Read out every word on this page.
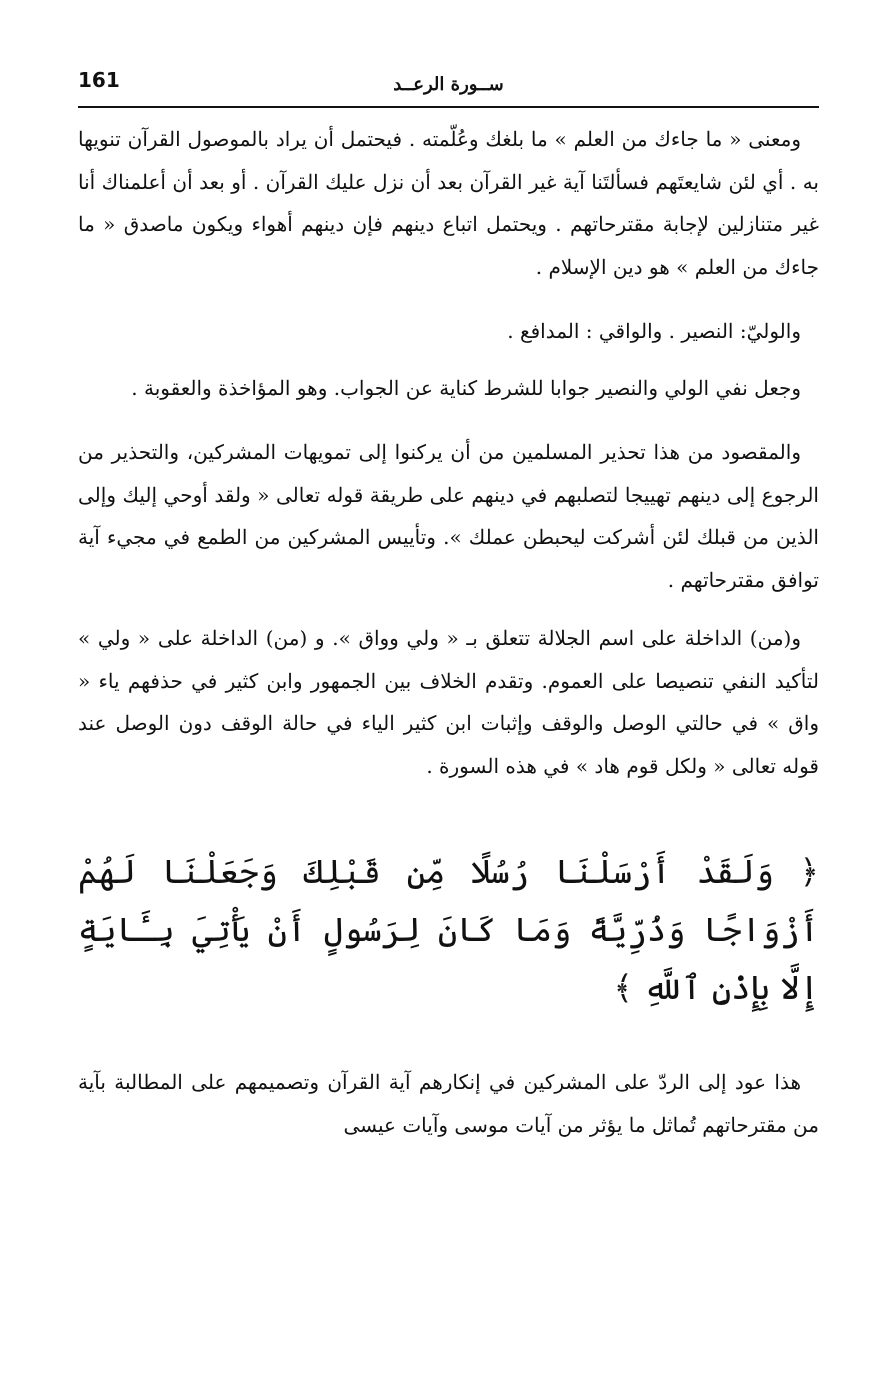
161	ســورة الرعــد

ومعنى « ما جاءك من العلم » ما بلغك وعُلّمته . فيحتمل أن يراد بالموصول القرآن تنويها به . أي لئن شايعتَهم فسألتَنا آية غير القرآن بعد أن نزل عليك القرآن . أو بعد أن أعلمناك أنا غير متنازلين لإجابة مقترحاتهم . ويحتمل اتباع دينهم فإن دينهم أهواء ويكون ماصدق « ما جاءك من العلم » هو دين الإسلام .

والوليّ: النصير . والواقي : المدافع .

وجعل نفي الولي والنصير جوابا للشرط كناية عن الجواب. وهو المؤاخذة والعقوبة .

والمقصود من هذا تحذير المسلمين من أن يركنوا إلى تمويهات المشركين، والتحذير من الرجوع إلى دينهم تهييجا لتصلبهم في دينهم على طريقة قوله تعالى « ولقد أوحي إليك وإلى الذين من قبلك لئن أشركت ليحبطن عملك ». وتأييس المشركين من الطمع في مجيء آية توافق مقترحاتهم .

و(من) الداخلة على اسم الجلالة تتعلق بـ « ولي وواق ». و (من) الداخلة على « ولي » لتأكيد النفي تنصيصا على العموم. وتقدم الخلاف بين الجمهور وابن كثير في حذفهم ياء « واق » في حالتي الوصل والوقف وإثبات ابن كثير الياء في حالة الوقف دون الوصل عند قوله تعالى « ولكل قوم هاد » في هذه السورة .

﴿ وَلَقَدْ أَرْسَلْنَا رُسُلًا مِّن قَبْلِكَ وَجَعَلْنَا لَهُمْ أَزْوَاجًا وَذُرِّيَّةً وَمَا كَانَ لِرَسُولٍ أَنْ يَأْتِيَ بِـَٔايَةٍ إِلَّا بِإِذْنِ ٱللَّهِ ﴾

هذا عود إلى الردّ على المشركين في إنكارهم آية القرآن وتصميمهم على المطالبة بآية من مقترحاتهم تُماثل ما يؤثر من آيات موسى وآيات عيسى
